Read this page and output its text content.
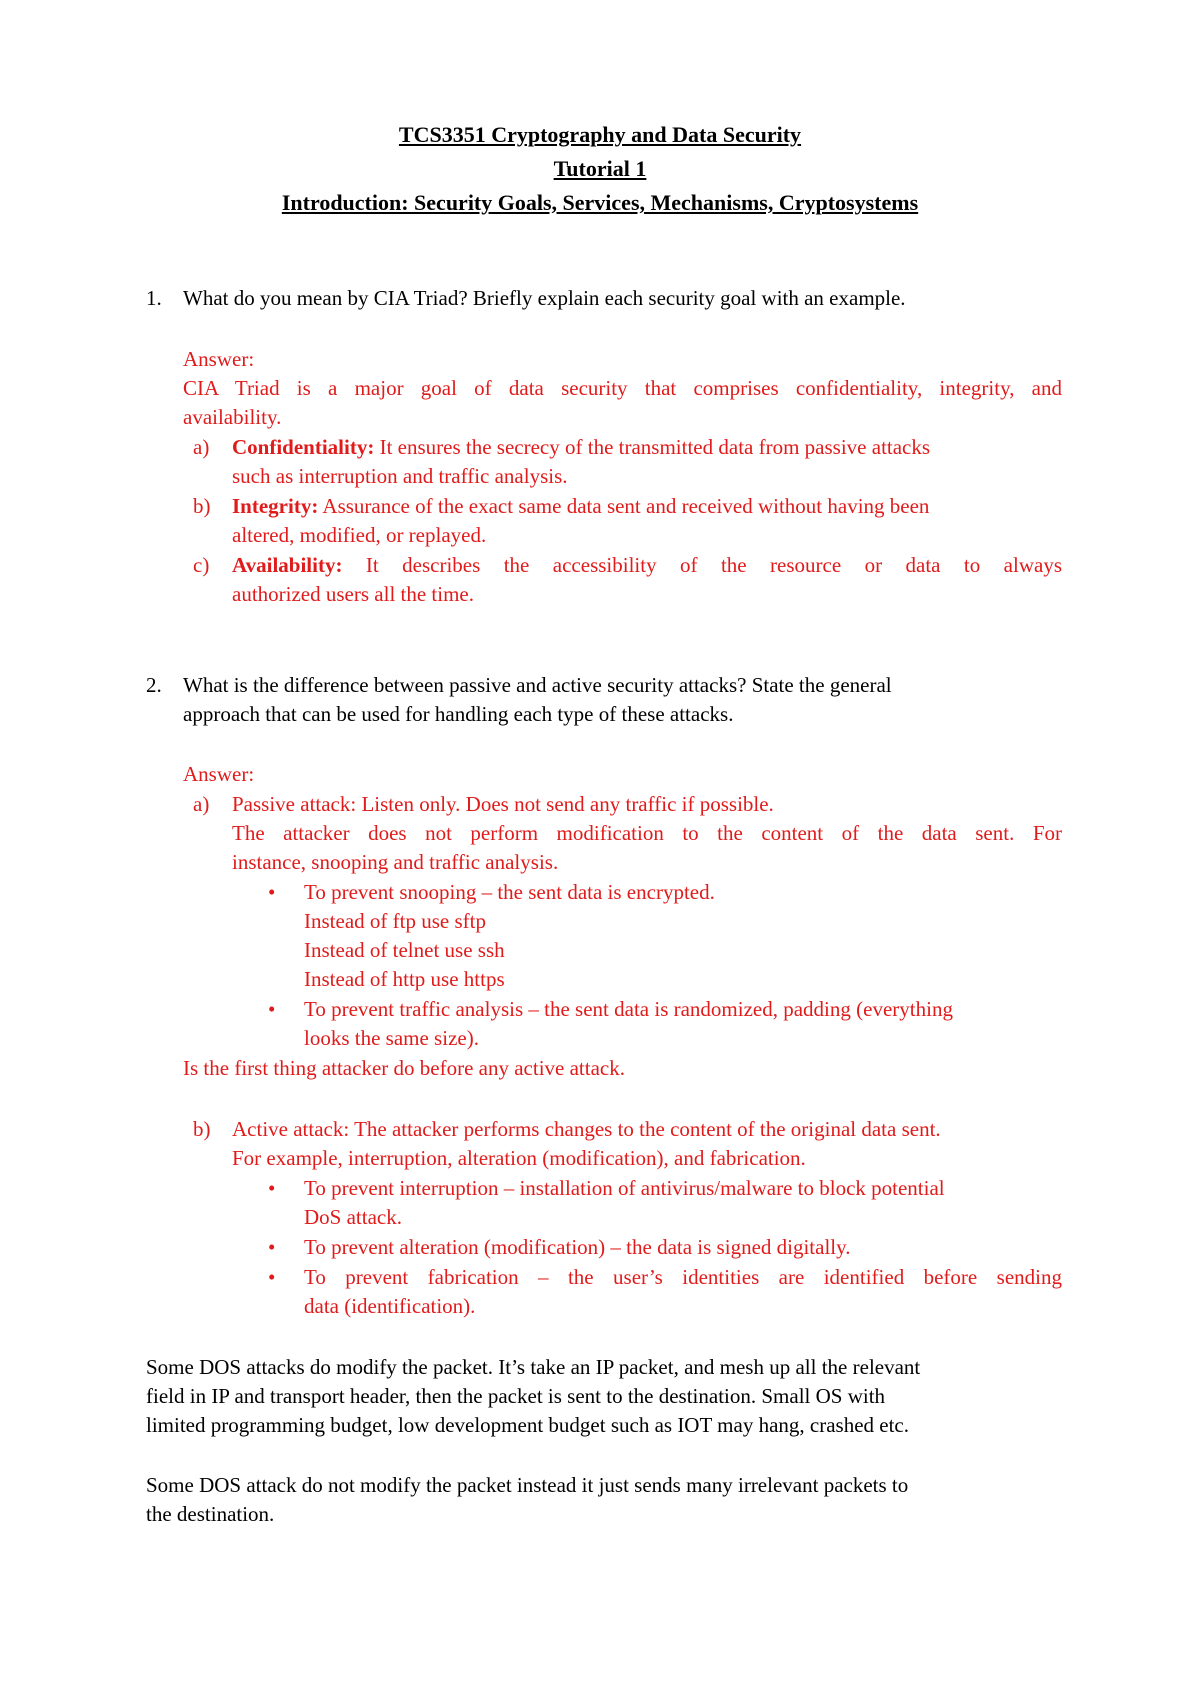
TCS3351 Cryptography and Data Security
Tutorial 1
Introduction: Security Goals, Services, Mechanisms, Cryptosystems
1. What do you mean by CIA Triad? Briefly explain each security goal with an example.
Answer:
CIA Triad is a major goal of data security that comprises confidentiality, integrity, and
availability.
a) Confidentiality: It ensures the secrecy of the transmitted data from passive attacks
such as interruption and traffic analysis.
b) Integrity: Assurance of the exact same data sent and received without having been
altered, modified, or replayed.
c) Availability: It describes the accessibility of the resource or data to always
authorized users all the time.
2. What is the difference between passive and active security attacks? State the general
approach that can be used for handling each type of these attacks.
Answer:
a) Passive attack: Listen only. Does not send any traffic if possible.
The attacker does not perform modification to the content of the data sent. For
instance, snooping and traffic analysis.
• To prevent snooping – the sent data is encrypted.
Instead of ftp use sftp
Instead of telnet use ssh
Instead of http use https
• To prevent traffic analysis – the sent data is randomized, padding (everything
looks the same size).
Is the first thing attacker do before any active attack.
b) Active attack: The attacker performs changes to the content of the original data sent.
For example, interruption, alteration (modification), and fabrication.
• To prevent interruption – installation of antivirus/malware to block potential
DoS attack.
• To prevent alteration (modification) – the data is signed digitally.
• To prevent fabrication – the user’s identities are identified before sending
data (identification).
Some DOS attacks do modify the packet. It’s take an IP packet, and mesh up all the relevant
field in IP and transport header, then the packet is sent to the destination. Small OS with
limited programming budget, low development budget such as IOT may hang, crashed etc.
Some DOS attack do not modify the packet instead it just sends many irrelevant packets to
the destination.
